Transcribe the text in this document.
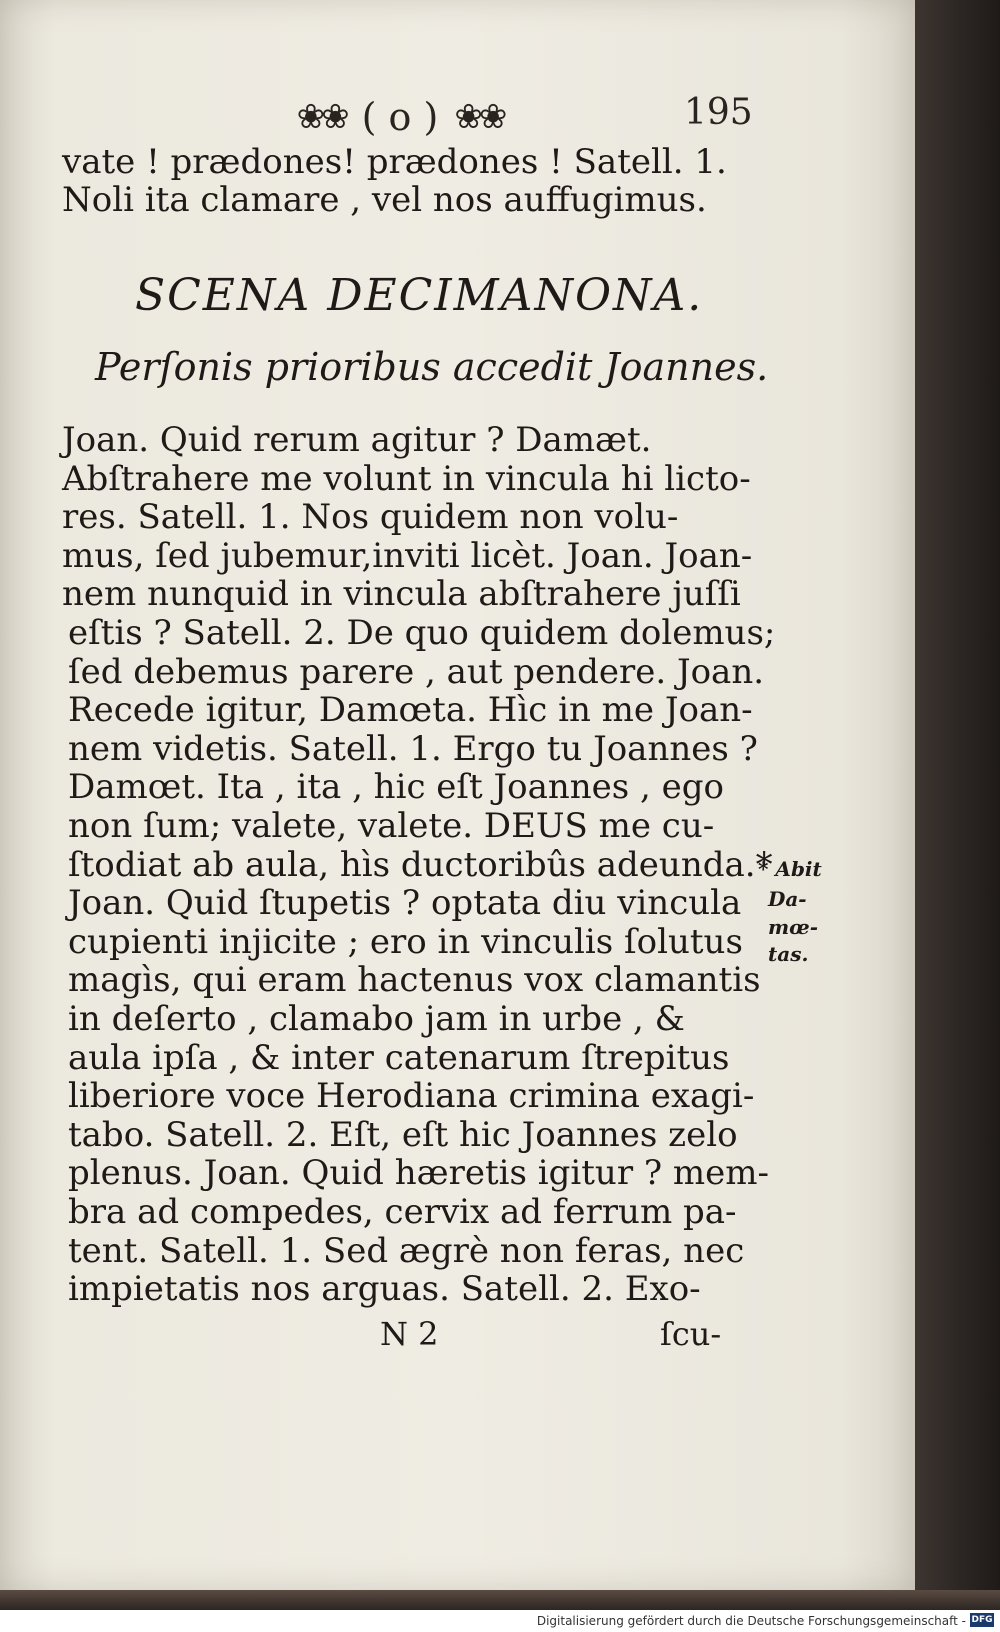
❀❀ ( o ) ❀❀	195
vate ! prædones! prædones ! Satell. 1.
Noli ita clamare , vel nos auffugimus.
SCENA DECIMANONA.
Perſonis prioribus accedit Joannes.
Joan. Quid rerum agitur ? Damæt.
Abſtrahere me volunt in vincula hi licto-
res. Satell. 1. Nos quidem non volu-
mus, ſed jubemur,inviti licèt. Joan. Joan-
nem nunquid in vincula abſtrahere juſſi
eſtis ? Satell. 2. De quo quidem dolemus;
ſed debemus parere , aut pendere. Joan.
Recede igitur, Damœta. Hìc in me Joan-
nem videtis. Satell. 1. Ergo tu Joannes ?
Damœt. Ita , ita , hic eſt Joannes , ego
non ſum; valete, valete. DEUS me cu-
ſtodiat ab aula, hìs ductoribûs adeunda.*
Joan. Quid ſtupetis ? optata diu vincula
cupienti injicite ; ero in vinculis ſolutus
magìs, qui eram hactenus vox clamantis
in deſerto , clamabo jam in urbe , &
aula ipſa , & inter catenarum ſtrepitus
liberiore voce Herodiana crimina exagi-
tabo. Satell. 2. Eſt, eſt hic Joannes zelo
plenus. Joan. Quid hæretis igitur ? mem-
bra ad compedes, cervix ad ferrum pa-
tent. Satell. 1. Sed ægrè non feras, nec
impietatis nos arguas. Satell. 2. Exo-
* Abit
Da-
mœ-
tas.
N 2	ſcu-
Digitalisierung gefördert durch die Deutsche Forschungsgemeinschaft - DFG
